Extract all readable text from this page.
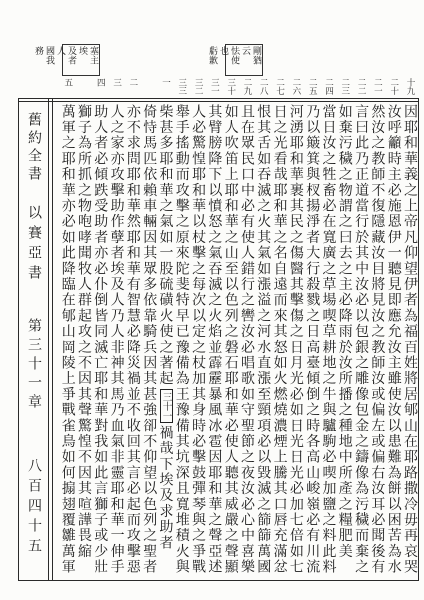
剛猶云
怯使也
虧歉
塞主埃
及者人
國我務
舊約全書
以賽亞書
第三十一章
八百四十五	因耶和華義之上帝凡仰望伊者為福百姓將居郇山在耶路撒冷毋再哀哭
十九
汝呼籲時主必施恩伊一聽見即應允汝主雖使汝以患難為餅以困苦為水
二十
然汝之教師不復隱藏汝目將見汝之教師汝或偏左或偏右汝耳必聞後有
二一
言曰此乃正道當行於其中汝必以包銀之雕像包金之鑄像為污穢而棄之
二二
如棄污穢之物謂之曰去之主必降雨於汝所播之種地中所產之糧肥美
二三
當日汝之牲畜必在寬廣之草場喫草耕地之牛與驢駒必喫加鹽之料此料
二四
乃以簸箕與杈揚淨者大行殺戮之日高臺傾倒之時各高山峻嶺必有川流
二五
河湧耶和華裹其民之傷醫其擊傷之日月光必如日光日光必加七倍如七
二六
日之光看哉耶和華之名自遠而來其怒如火燃燒濃煙上騰其口唇充滿忿
二七
恨其舌如吞滅之火其氣如漲溢之河水直漲至頸項必以毀滅之篩篩萬國
二八
且在眾民口中必有使人錯行之轡汝必唱歌如守聖節之夜汝必心中喜樂
二九
如人吹笛上耶和華之山至以色列之磐石耶和華必使人聽其威嚴之聲顯
三十
其臂膀降下以憤怒之氣吞滅之火焰並霹靂暴風冰雹因耶和華之聲亞述
三一
人必驚惶耶和華以杖擊之每次以定之杖加其身時必擊鼓彈琴與之爭戰
三二
舉手搖動而攻擊之原來陀斐特早已豫備為王豫備其坑深且寬堆積火與
三三
柴甚多耶和華之氣如一股硫磺火使之著起三十一禍哉下埃及求助者
一
倚恃馬匹依賴車輛因其眾多依靠騎兵因其甚強卻不仰望以色列之聖者
亦不求問耶和華然耶和華有智慧必降災禍並不收回其言必起而攻擊惡
二
人之家亦攻擊助作孽者埃及人乃人非神其馬乃血氣非靈耶和華一伸手
三
助人者必傾跌受助者亦必仆倒皆同滅亡耶和華對我如此言獅子或少壯
四
獅子為所抓之物咆哮聞牧人群起攻之不因其聲驚惶不因其喧譁畏縮
萬軍之耶和華亦必如此降臨在郇山岡陵上爭戰雀鳥如何搧翅覆雛萬軍
五
